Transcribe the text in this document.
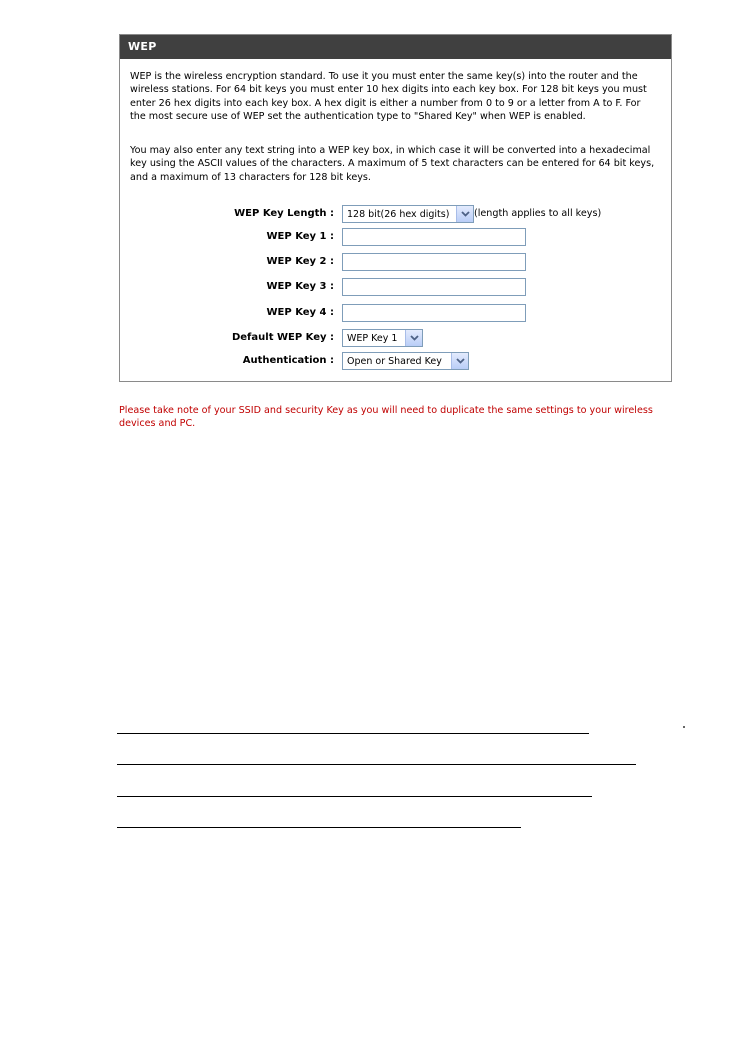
WEP

WEP is the wireless encryption standard. To use it you must enter the same key(s) into the router and the wireless stations. For 64 bit keys you must enter 10 hex digits into each key box. For 128 bit keys you must enter 26 hex digits into each key box. A hex digit is either a number from 0 to 9 or a letter from A to F. For the most secure use of WEP set the authentication type to "Shared Key" when WEP is enabled.

You may also enter any text string into a WEP key box, in which case it will be converted into a hexadecimal key using the ASCII values of the characters. A maximum of 5 text characters can be entered for 64 bit keys, and a maximum of 13 characters for 128 bit keys.

WEP Key Length :	128 bit(26 hex digits)	(length applies to all keys)
WEP Key 1 :
WEP Key 2 :
WEP Key 3 :
WEP Key 4 :
Default WEP Key :	WEP Key 1
Authentication :	Open or Shared Key
Please take note of your SSID and security Key as you will need to duplicate the same settings to your wireless devices and PC.
